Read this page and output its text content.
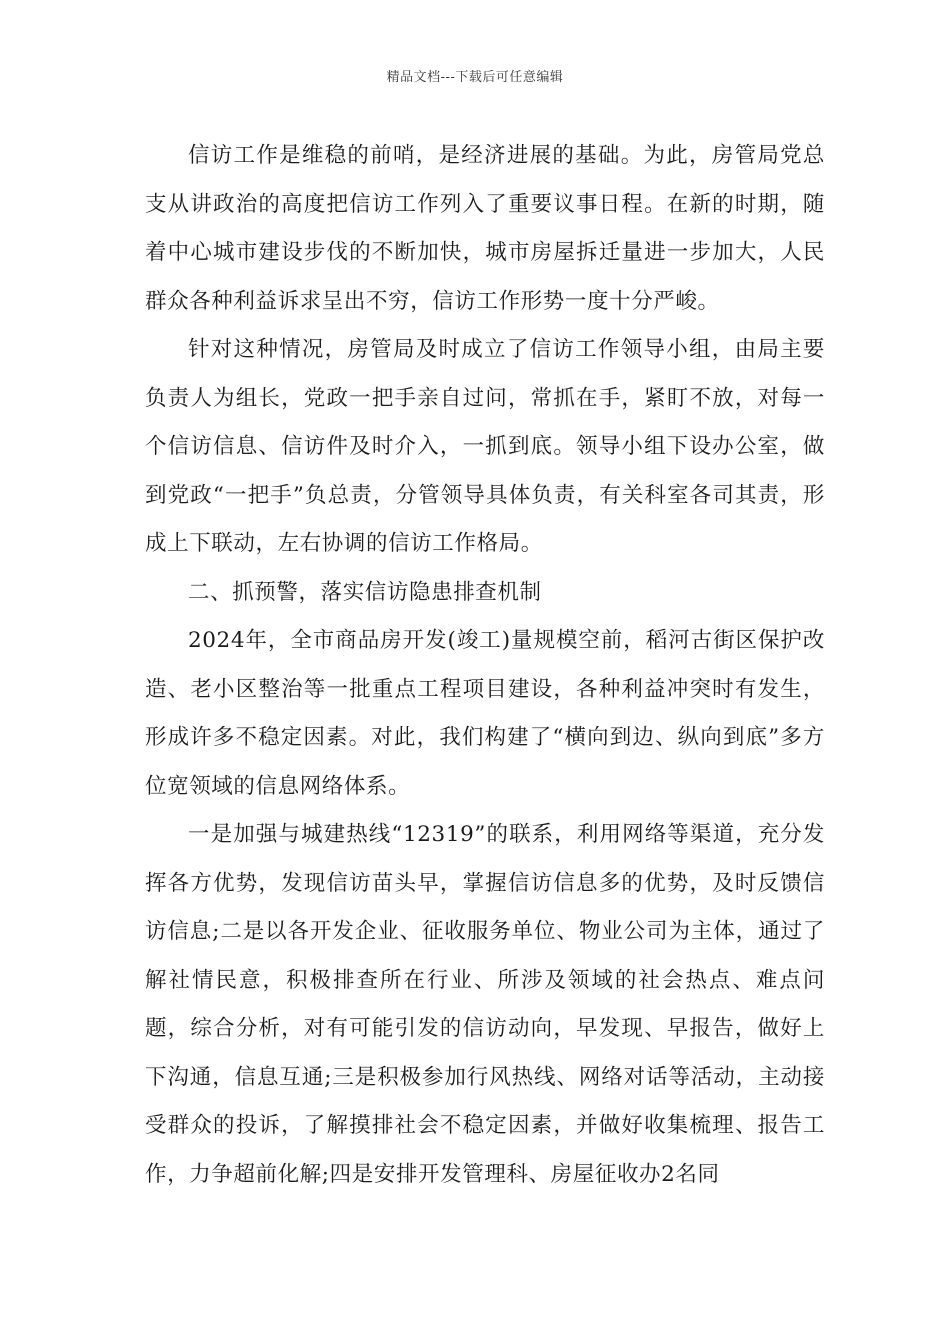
精品文档---下载后可任意编辑

信访工作是维稳的前哨，是经济进展的基础。为此，房管局党总支从讲政治的高度把信访工作列入了重要议事日程。在新的时期，随着中心城市建设步伐的不断加快，城市房屋拆迁量进一步加大，人民群众各种利益诉求呈出不穷，信访工作形势一度十分严峻。

针对这种情况，房管局及时成立了信访工作领导小组，由局主要负责人为组长，党政一把手亲自过问，常抓在手，紧盯不放，对每一个信访信息、信访件及时介入，一抓到底。领导小组下设办公室，做到党政“一把手”负总责，分管领导具体负责，有关科室各司其责，形成上下联动，左右协调的信访工作格局。

二、抓预警，落实信访隐患排查机制

2024年，全市商品房开发(竣工)量规模空前，稻河古街区保护改造、老小区整治等一批重点工程项目建设，各种利益冲突时有发生，形成许多不稳定因素。对此，我们构建了“横向到边、纵向到底”多方位宽领域的信息网络体系。

一是加强与城建热线“12319”的联系，利用网络等渠道，充分发挥各方优势，发现信访苗头早，掌握信访信息多的优势，及时反馈信访信息;二是以各开发企业、征收服务单位、物业公司为主体，通过了解社情民意，积极排查所在行业、所涉及领域的社会热点、难点问题，综合分析，对有可能引发的信访动向，早发现、早报告，做好上下沟通，信息互通;三是积极参加行风热线、网络对话等活动，主动接受群众的投诉，了解摸排社会不稳定因素，并做好收集梳理、报告工作，力争超前化解;四是安排开发管理科、房屋征收办2名同
